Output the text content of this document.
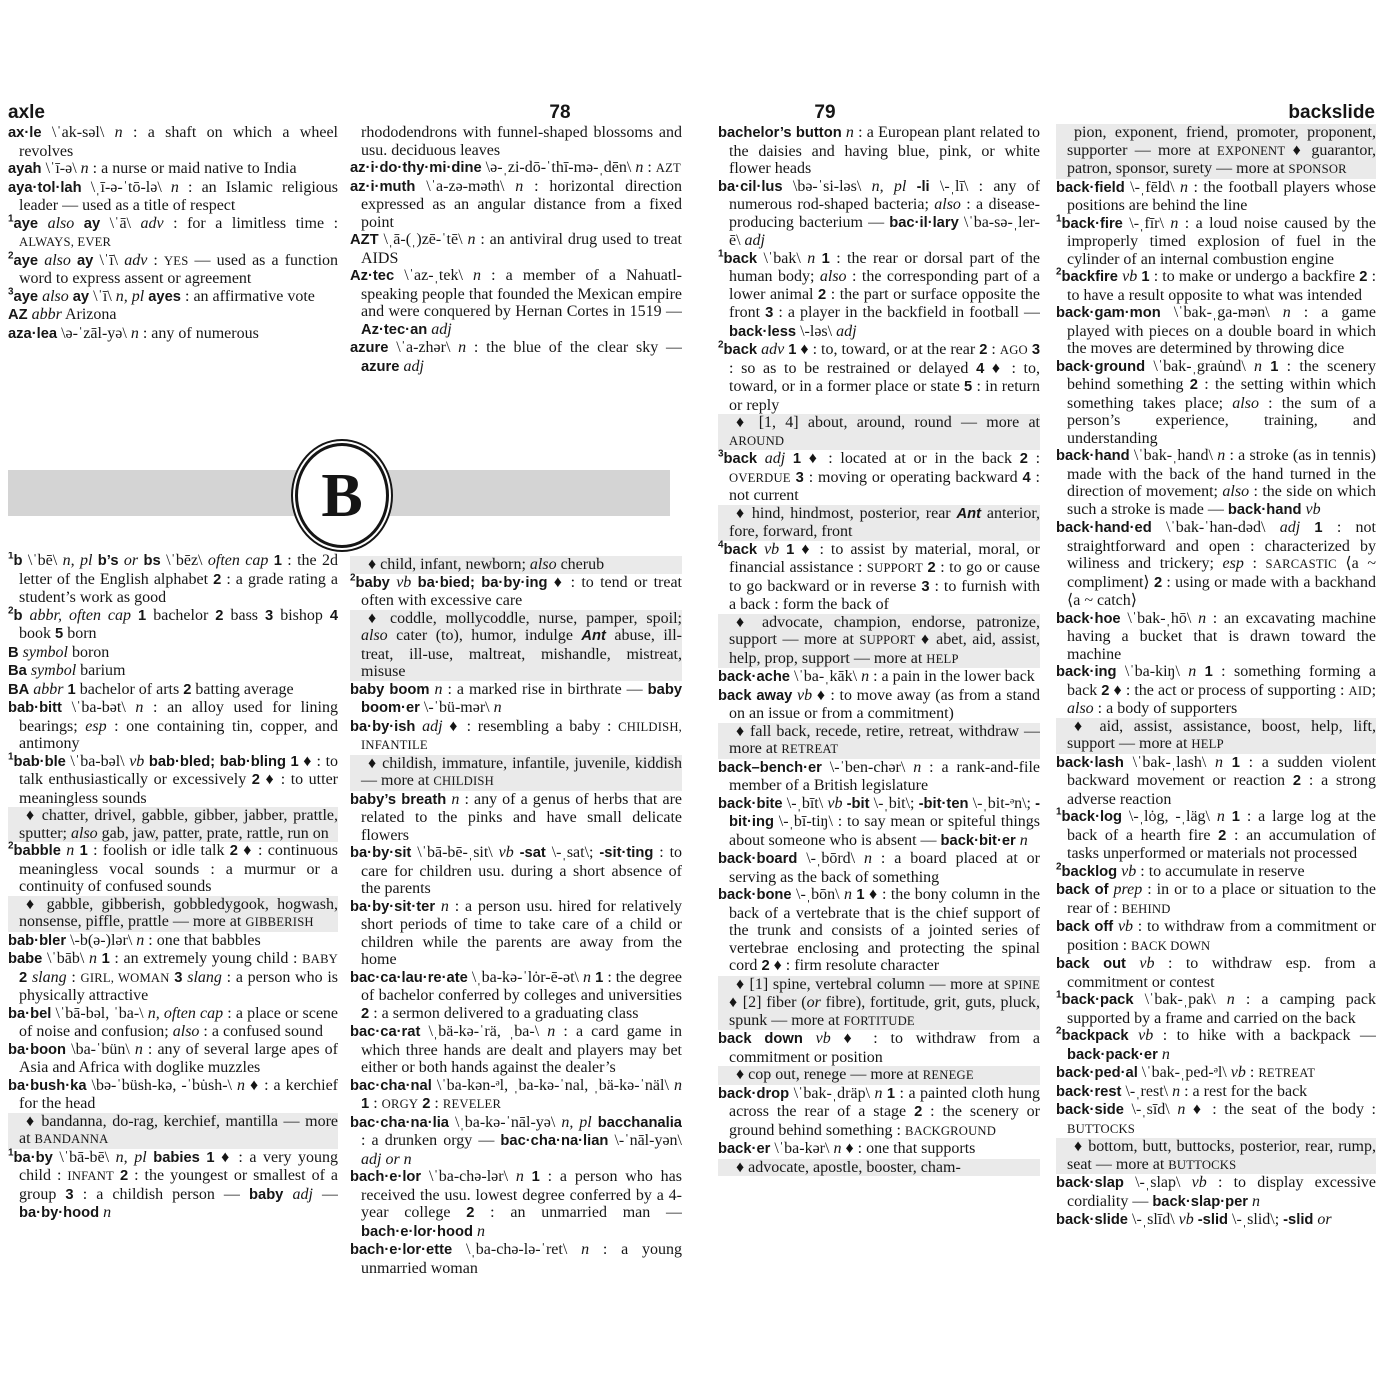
axle	78	79	backslide

ax·le \ˈak-səl\ n : a shaft on which a wheel revolves

ayah \ˈī-ə\ n : a nurse or maid native to India

aya·tol·lah \ˌī-ə-ˈtō-lə\ n : an Islamic religious leader — used as a title of respect

$^1$aye also ay \ˈā\ adv : for a limitless time : ALWAYS, EVER

$^2$aye also ay \ˈī\ adv : YES — used as a function word to express assent or agreement

$^3$aye also ay \ˈī\ n, pl ayes : an affirmative vote

AZ abbr Arizona

aza·lea \ə-ˈzāl-yə\ n : any of numerous

rhododendrons with funnel-shaped blossoms and usu. deciduous leaves

az·i·do·thy·mi·dine \ə-ˌzi-dō-ˈthī-mə-ˌdēn\ n : AZT

az·i·muth \ˈa-zə-məth\ n : horizontal direction expressed as an angular distance from a fixed point

AZT \ˌā-(ˌ)zē-ˈtē\ n : an antiviral drug used to treat AIDS

Az·tec \ˈaz-ˌtek\ n : a member of a Nahuatl-speaking people that founded the Mexican empire and were conquered by Hernan Cortes in 1519 — Az·tec·an adj

azure \ˈa-zhər\ n : the blue of the clear sky — azure adj

B

$^1$b \ˈbē\ n, pl b’s or bs \ˈbēz\ often cap 1 : the 2d letter of the English alphabet 2 : a grade rating a student’s work as good

$^2$b abbr, often cap 1 bachelor 2 bass 3 bishop 4 book 5 born

B symbol boron

Ba symbol barium

BA abbr 1 bachelor of arts 2 batting average

bab·bitt \ˈba-bət\ n : an alloy used for lining bearings; esp : one containing tin, copper, and antimony

$^1$bab·ble \ˈba-bəl\ vb bab·bled; bab·bling 1 ♦ : to talk enthusiastically or excessively 2 ♦ : to utter meaningless sounds

♦ chatter, drivel, gabble, gibber, jabber, prattle, sputter; also gab, jaw, patter, prate, rattle, run on

$^2$babble n 1 : foolish or idle talk 2 ♦ : continuous meaningless vocal sounds : a murmur or a continuity of confused sounds

♦ gabble, gibberish, gobbledygook, hogwash, nonsense, piffle, prattle — more at GIBBERISH

bab·bler \-b(ə-)lər\ n : one that babbles

babe \ˈbāb\ n 1 : an extremely young child : BABY 2 slang : GIRL, WOMAN 3 slang : a person who is physically attractive

ba·bel \ˈbā-bəl, ˈba-\ n, often cap : a place or scene of noise and confusion; also : a confused sound

ba·boon \ba-ˈbün\ n : any of several large apes of Asia and Africa with doglike muzzles

ba·bush·ka \bə-ˈbüsh-kə, -ˈbu̇sh-\ n ♦ : a kerchief for the head

♦ bandanna, do-rag, kerchief, mantilla — more at BANDANNA

$^1$ba·by \ˈbā-bē\ n, pl babies 1 ♦ : a very young child : INFANT 2 : the youngest or smallest of a group 3 : a childish person — baby adj — ba·by·hood n

♦ child, infant, newborn; also cherub

$^2$baby vb ba·bied; ba·by·ing ♦ : to tend or treat often with excessive care

♦ coddle, mollycoddle, nurse, pamper, spoil; also cater (to), humor, indulge Ant abuse, ill-treat, ill-use, maltreat, mishandle, mistreat, misuse

baby boom n : a marked rise in birthrate — baby boom·er \-ˈbü-mər\ n

ba·by·ish adj ♦ : resembling a baby : CHILDISH, INFANTILE

♦ childish, immature, infantile, juvenile, kiddish — more at CHILDISH

baby’s breath n : any of a genus of herbs that are related to the pinks and have small delicate flowers

ba·by·sit \ˈbā-bē-ˌsit\ vb -sat \-ˌsat\; -sit·ting : to care for children usu. during a short absence of the parents

ba·by·sit·ter n : a person usu. hired for relatively short periods of time to take care of a child or children while the parents are away from the home

bac·ca·lau·re·ate \ˌba-kə-ˈlȯr-ē-ət\ n 1 : the degree of bachelor conferred by colleges and universities 2 : a sermon delivered to a graduating class

bac·ca·rat \ˌbä-kə-ˈrä, ˌba-\ n : a card game in which three hands are dealt and players may bet either or both hands against the dealer’s

bac·cha·nal \ˈba-kən-ᵊl, ˌba-kə-ˈnal, ˌbä-kə-ˈnäl\ n 1 : ORGY 2 : REVELER

bac·cha·na·lia \ˌba-kə-ˈnāl-yə\ n, pl bacchanalia : a drunken orgy — bac·cha·na·lian \-ˈnāl-yən\ adj or n

bach·e·lor \ˈba-chə-lər\ n 1 : a person who has received the usu. lowest degree conferred by a 4-year college 2 : an unmarried man — bach·e·lor·hood n

bach·e·lor·ette \ˌba-chə-lə-ˈret\ n : a young unmarried woman

bachelor’s button n : a European plant related to the daisies and having blue, pink, or white flower heads

ba·cil·lus \bə-ˈsi-ləs\ n, pl -li \-ˌlī\ : any of numerous rod-shaped bacteria; also : a disease-producing bacterium — bac·il·lary \ˈba-sə-ˌler-ē\ adj

$^1$back \ˈbak\ n 1 : the rear or dorsal part of the human body; also : the corresponding part of a lower animal 2 : the part or surface opposite the front 3 : a player in the backfield in football — back·less \-ləs\ adj

$^2$back adv 1 ♦ : to, toward, or at the rear 2 : AGO 3 : so as to be restrained or delayed 4 ♦ : to, toward, or in a former place or state 5 : in return or reply

♦ [1, 4] about, around, round — more at AROUND

$^3$back adj 1 ♦ : located at or in the back 2 : OVERDUE 3 : moving or operating backward 4 : not current

♦ hind, hindmost, posterior, rear Ant anterior, fore, forward, front

$^4$back vb 1 ♦ : to assist by material, moral, or financial assistance : SUPPORT 2 : to go or cause to go backward or in reverse 3 : to furnish with a back : form the back of

♦ advocate, champion, endorse, patronize, support — more at SUPPORT ♦ abet, aid, assist, help, prop, support — more at HELP

back·ache \ˈba-ˌkāk\ n : a pain in the lower back

back away vb ♦ : to move away (as from a stand on an issue or from a commitment)

♦ fall back, recede, retire, retreat, withdraw — more at RETREAT

back–bench·er \-ˈben-chər\ n : a rank-and-file member of a British legislature

back·bite \-ˌbīt\ vb -bit \-ˌbit\; -bit·ten \-ˌbit-ᵊn\; -bit·ing \-ˌbī-tiŋ\ : to say mean or spiteful things about someone who is absent — back·bit·er n

back·board \-ˌbōrd\ n : a board placed at or serving as the back of something

back·bone \-ˌbōn\ n 1 ♦ : the bony column in the back of a vertebrate that is the chief support of the trunk and consists of a jointed series of vertebrae enclosing and protecting the spinal cord 2 ♦ : firm resolute character

♦ [1] spine, vertebral column — more at SPINE ♦ [2] fiber (or fibre), fortitude, grit, guts, pluck, spunk — more at FORTITUDE

back down vb ♦ : to withdraw from a commitment or position

♦ cop out, renege — more at RENEGE

back·drop \ˈbak-ˌdräp\ n 1 : a painted cloth hung across the rear of a stage 2 : the scenery or ground behind something : BACKGROUND

back·er \ˈba-kər\ n ♦ : one that supports

♦ advocate, apostle, booster, cham-

pion, exponent, friend, promoter, proponent, supporter — more at EXPONENT ♦ guarantor, patron, sponsor, surety — more at SPONSOR

back·field \-ˌfēld\ n : the football players whose positions are behind the line

$^1$back·fire \-ˌfīr\ n : a loud noise caused by the improperly timed explosion of fuel in the cylinder of an internal combustion engine

$^2$backfire vb 1 : to make or undergo a backfire 2 : to have a result opposite to what was intended

back·gam·mon \ˈbak-ˌga-mən\ n : a game played with pieces on a double board in which the moves are determined by throwing dice

back·ground \ˈbak-ˌgrau̇nd\ n 1 : the scenery behind something 2 : the setting within which something takes place; also : the sum of a person’s experience, training, and understanding

back·hand \ˈbak-ˌhand\ n : a stroke (as in tennis) made with the back of the hand turned in the direction of movement; also : the side on which such a stroke is made — back·hand vb

back·hand·ed \ˈbak-ˈhan-dəd\ adj 1 : not straightforward and open : characterized by wiliness and trickery; esp : SARCASTIC ⟨a ~ compliment⟩ 2 : using or made with a backhand ⟨a ~ catch⟩

back·hoe \ˈbak-ˌhō\ n : an excavating machine having a bucket that is drawn toward the machine

back·ing \ˈba-kiŋ\ n 1 : something forming a back 2 ♦ : the act or process of supporting : AID; also : a body of supporters

♦ aid, assist, assistance, boost, help, lift, support — more at HELP

back·lash \ˈbak-ˌlash\ n 1 : a sudden violent backward movement or reaction 2 : a strong adverse reaction

$^1$back·log \-ˌlȯg, -ˌläg\ n 1 : a large log at the back of a hearth fire 2 : an accumulation of tasks unperformed or materials not processed

$^2$backlog vb : to accumulate in reserve

back of prep : in or to a place or situation to the rear of : BEHIND

back off vb : to withdraw from a commitment or position : BACK DOWN

back out vb : to withdraw esp. from a commitment or contest

$^1$back·pack \ˈbak-ˌpak\ n : a camping pack supported by a frame and carried on the back

$^2$backpack vb : to hike with a backpack — back·pack·er n

back·ped·al \ˈbak-ˌped-ᵊl\ vb : RETREAT

back·rest \-ˌrest\ n : a rest for the back

back·side \-ˌsīd\ n ♦ : the seat of the body : BUTTOCKS

♦ bottom, butt, buttocks, posterior, rear, rump, seat — more at BUTTOCKS

back·slap \-ˌslap\ vb : to display excessive cordiality — back·slap·per n

back·slide \-ˌslīd\ vb -slid \-ˌslid\; -slid or
